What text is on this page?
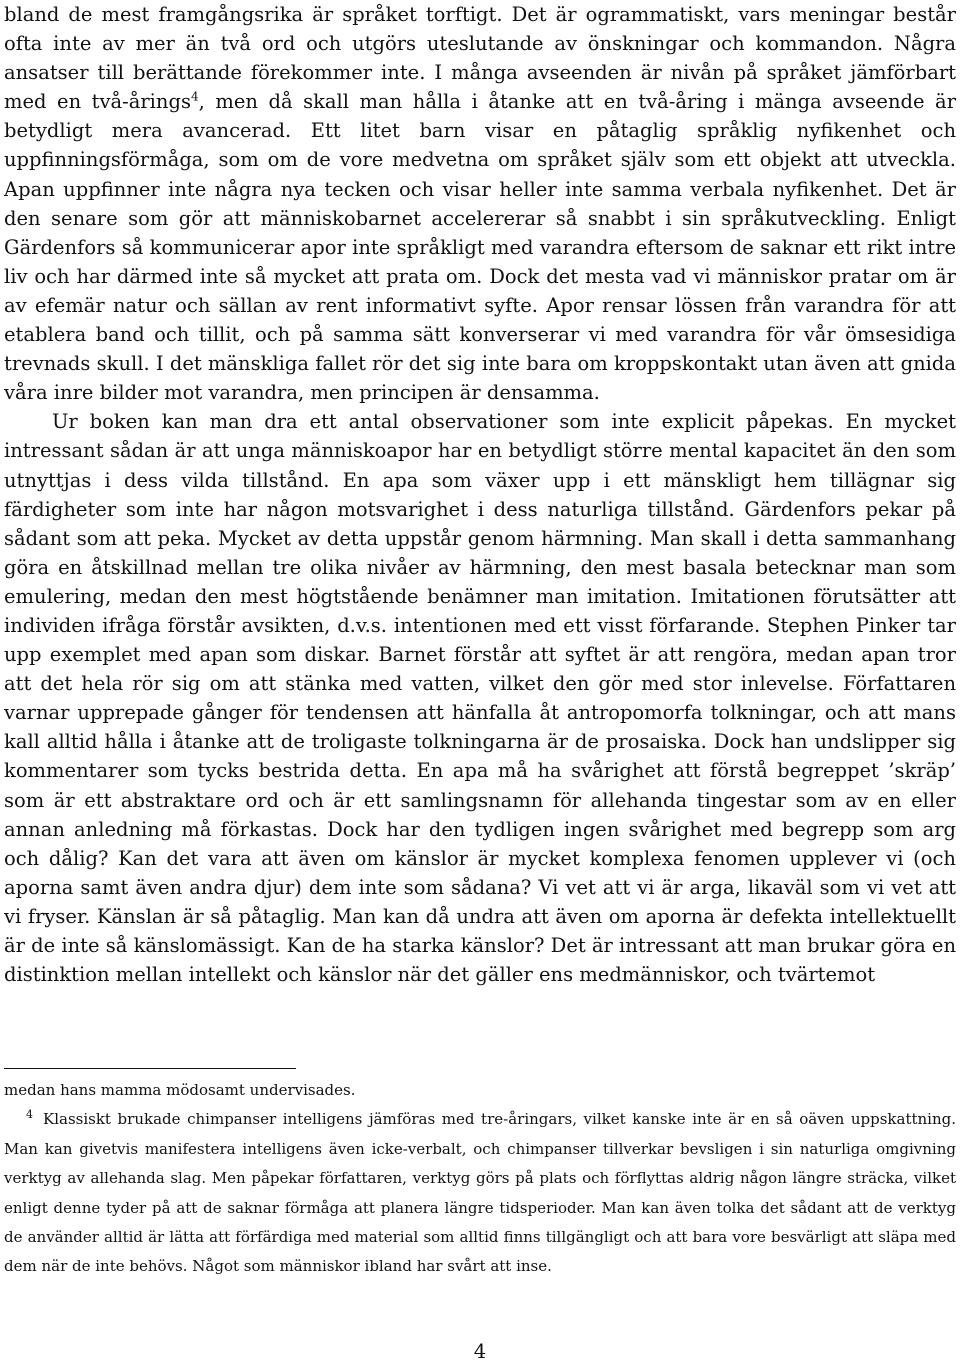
bland de mest framgångsrika är språket torftigt. Det är ogrammatiskt, vars meningar består ofta inte av mer än två ord och utgörs uteslutande av önskningar och kommandon. Några ansatser till berättande förekommer inte. I många avseenden är nivån på språket jämförbart med en två-årings$^4$, men då skall man hålla i åtanke att en två-åring i mänga avseende är betydligt mera avancerad. Ett litet barn visar en påtaglig språklig nyfikenhet och uppfinningsförmåga, som om de vore medvetna om språket själv som ett objekt att utveckla. Apan uppfinner inte några nya tecken och visar heller inte samma verbala nyfikenhet. Det är den senare som gör att människobarnet accelererar så snabbt i sin språkutveckling. Enligt Gärdenfors så kommunicerar apor inte språkligt med varandra eftersom de saknar ett rikt intre liv och har därmed inte så mycket att prata om. Dock det mesta vad vi människor pratar om är av efemär natur och sällan av rent informativt syfte. Apor rensar lössen från varandra för att etablera band och tillit, och på samma sätt konverserar vi med varandra för vår ömsesidiga trevnads skull. I det mänskliga fallet rör det sig inte bara om kroppskontakt utan även att gnida våra inre bilder mot varandra, men principen är densamma.

Ur boken kan man dra ett antal observationer som inte explicit påpekas. En mycket intressant sådan är att unga människoapor har en betydligt större mental kapacitet än den som utnyttjas i dess vilda tillstånd. En apa som växer upp i ett mänskligt hem tillägnar sig färdigheter som inte har någon motsvarighet i dess naturliga tillstånd. Gärdenfors pekar på sådant som att peka. Mycket av detta uppstår genom härmning. Man skall i detta sammanhang göra en åtskillnad mellan tre olika nivåer av härmning, den mest basala betecknar man som emulering, medan den mest högtstående benämner man imitation. Imitationen förutsätter att individen ifråga förstår avsikten, d.v.s. intentionen med ett visst förfarande. Stephen Pinker tar upp exemplet med apan som diskar. Barnet förstår att syftet är att rengöra, medan apan tror att det hela rör sig om att stänka med vatten, vilket den gör med stor inlevelse. Författaren varnar upprepade gånger för tendensen att hänfalla åt antropomorfa tolkningar, och att mans kall alltid hålla i åtanke att de troligaste tolkningarna är de prosaiska. Dock han undslipper sig kommentarer som tycks bestrida detta. En apa må ha svårighet att förstå begreppet ’skräp’ som är ett abstraktare ord och är ett samlingsnamn för allehanda tingestar som av en eller annan anledning må förkastas. Dock har den tydligen ingen svårighet med begrepp som arg och dålig? Kan det vara att även om känslor är mycket komplexa fenomen upplever vi (och aporna samt även andra djur) dem inte som sådana? Vi vet att vi är arga, likaväl som vi vet att vi fryser. Känslan är så påtaglig. Man kan då undra att även om aporna är defekta intellektuellt är de inte så känslomässigt. Kan de ha starka känslor? Det är intressant att man brukar göra en distinktion mellan intellekt och känslor när det gäller ens medmänniskor, och tvärtemot

medan hans mamma mödosamt undervisades.

$^4$ Klassiskt brukade chimpanser intelligens jämföras med tre-åringars, vilket kanske inte är en så oäven uppskattning. Man kan givetvis manifestera intelligens även icke-verbalt, och chimpanser tillverkar bevsligen i sin naturliga omgivning verktyg av allehanda slag. Men påpekar författaren, verktyg görs på plats och förflyttas aldrig någon längre sträcka, vilket enligt denne tyder på att de saknar förmåga att planera längre tidsperioder. Man kan även tolka det sådant att de verktyg de använder alltid är lätta att förfärdiga med material som alltid finns tillgängligt och att bara vore besvärligt att släpa med dem när de inte behövs. Något som människor ibland har svårt att inse.

4
